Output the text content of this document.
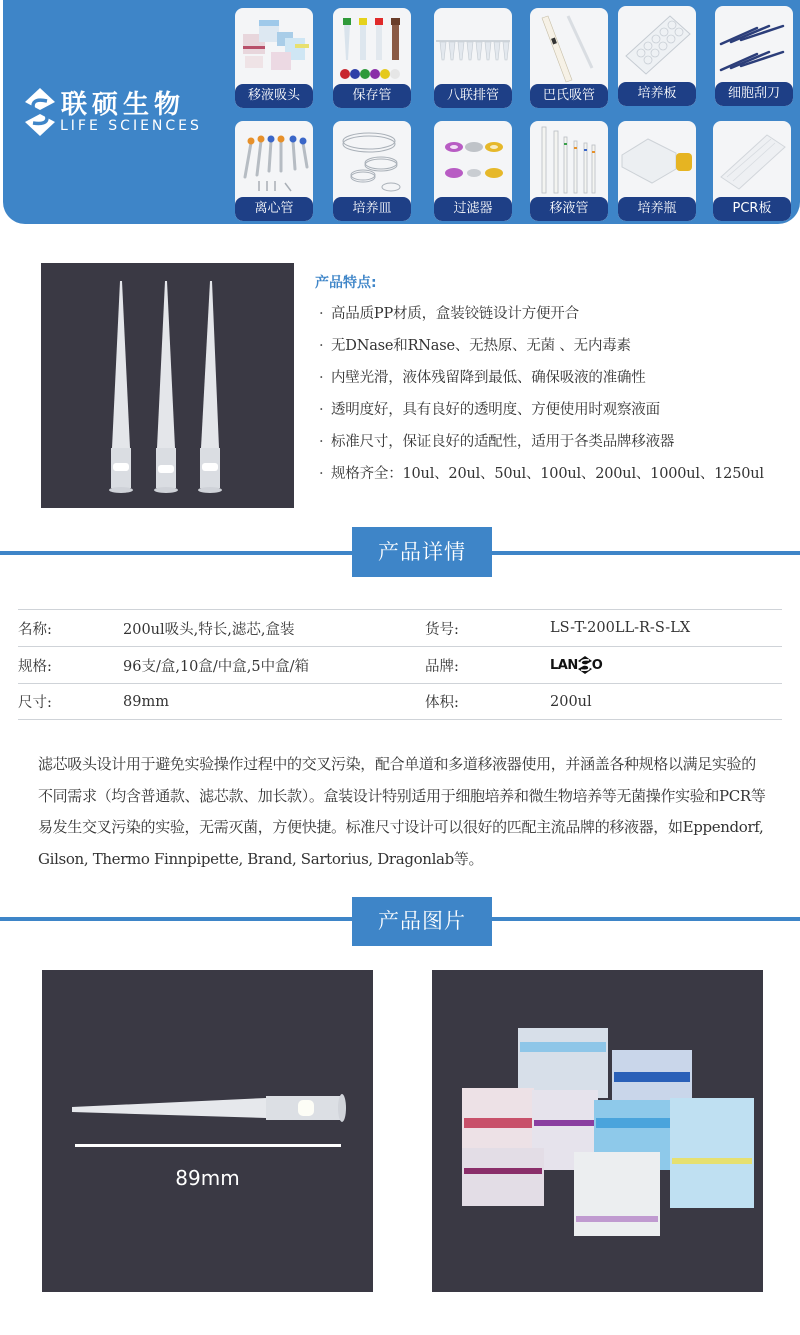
联硕生物
LIFE SCIENCES
移液吸头	保存管	八联排管	巴氏吸管	培养板	细胞刮刀
离心管	培养皿	过滤器	移液管	培养瓶	PCR板
产品特点:
· 高品质PP材质，盒装铰链设计方便开合
· 无DNase和RNase、无热原、无菌 、无内毒素
· 内壁光滑，液体残留降到最低、确保吸液的准确性
· 透明度好，具有良好的透明度、方便使用时观察液面
· 标准尺寸，保证良好的适配性，适用于各类品牌移液器
· 规格齐全：10ul、20ul、50ul、100ul、200ul、1000ul、1250ul
产品详情
名称:	200ul吸头,特长,滤芯,盒装	货号:	LS-T-200LL-R-S-LX
规格:	96支/盒,10盒/中盒,5中盒/箱	品牌:	LAN O
尺寸:	89mm	体积:	200ul
滤芯吸头设计用于避免实验操作过程中的交叉污染，配合单道和多道移液器使用，并涵盖各种规格以满足实验的不同需求（均含普通款、滤芯款、加长款）。盒装设计特别适用于细胞培养和微生物培养等无菌操作实验和PCR等易发生交叉污染的实验，无需灭菌，方便快捷。标准尺寸设计可以很好的匹配主流品牌的移液器，如Eppendorf, Gilson, Thermo Finnpipette, Brand, Sartorius, Dragonlab等。
产品图片
89mm
